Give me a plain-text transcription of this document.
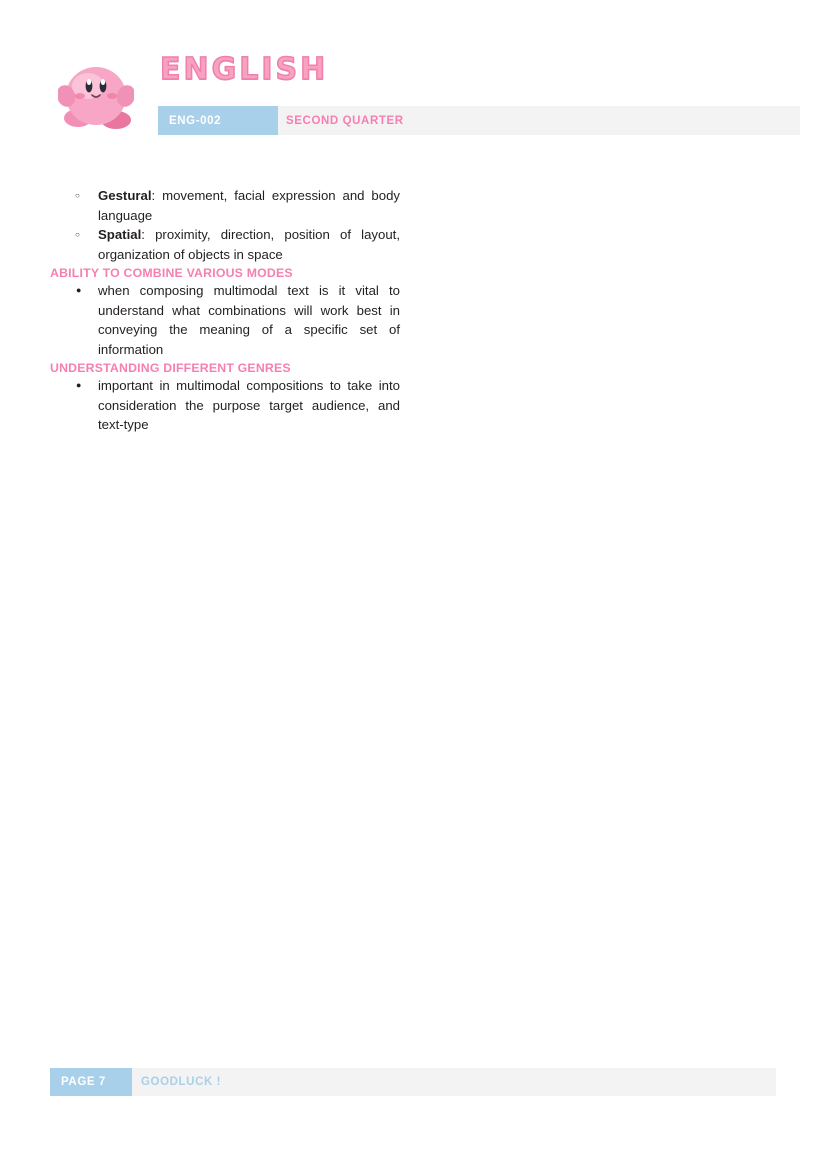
ENGLISH
ENG-002	SECOND QUARTER
○ Gestural: movement, facial expression and body language
○ Spatial: proximity, direction, position of layout, organization of objects in space
ABILITY TO COMBINE VARIOUS MODES
● when composing multimodal text is it vital to understand what combinations will work best in conveying the meaning of a specific set of information
UNDERSTANDING DIFFERENT GENRES
● important in multimodal compositions to take into consideration the purpose target audience, and text-type
PAGE 7	GOODLUCK !
